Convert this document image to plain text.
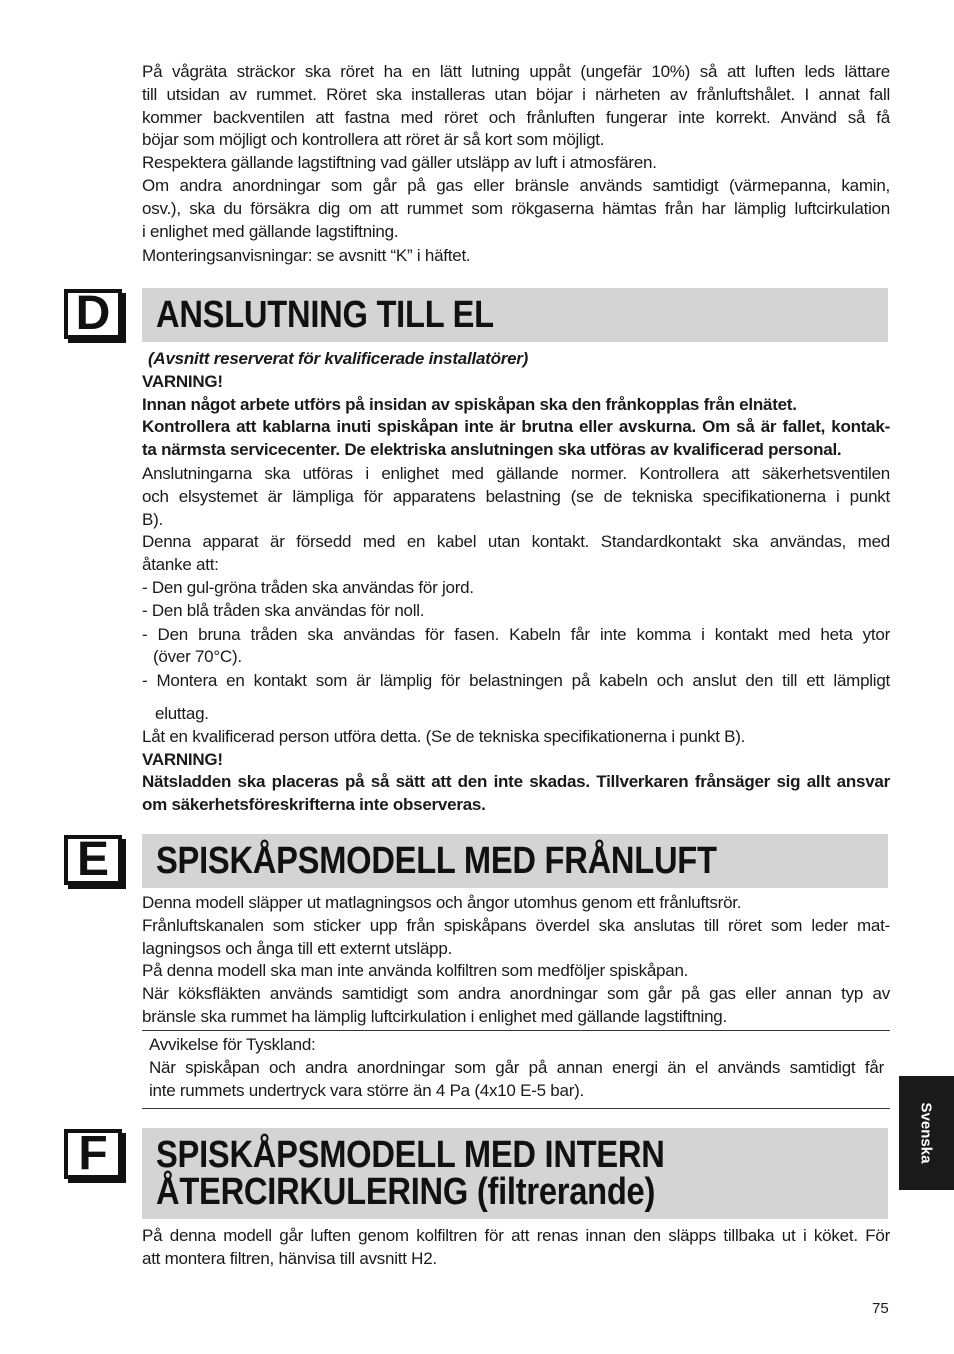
På vågräta sträckor ska röret ha en lätt lutning uppåt (ungefär 10%) så att luften leds lättare
till utsidan av rummet. Röret ska installeras utan böjar i närheten av frånluftshålet. I annat fall
kommer backventilen att fastna med röret och frånluften fungerar inte korrekt. Använd så få
böjar som möjligt och kontrollera att röret är så kort som möjligt.
Respektera gällande lagstiftning vad gäller utsläpp av luft i atmosfären.
Om andra anordningar som går på gas eller bränsle används samtidigt (värmepanna, kamin,
osv.), ska du försäkra dig om att rummet som rökgaserna hämtas från har lämplig luftcirkulation
i enlighet med gällande lagstiftning.
Monteringsanvisningar: se avsnitt “K” i häftet.
D	ANSLUTNING TILL EL
(Avsnitt reserverat för kvalificerade installatörer)
VARNING!
Innan något arbete utförs på insidan av spiskåpan ska den frånkopplas från elnätet.
Kontrollera att kablarna inuti spiskåpan inte är brutna eller avskurna. Om så är fallet, kontak-
ta närmsta servicecenter. De elektriska anslutningen ska utföras av kvalificerad personal.
Anslutningarna ska utföras i enlighet med gällande normer. Kontrollera att säkerhetsventilen
och elsystemet är lämpliga för apparatens belastning (se de tekniska specifikationerna i punkt
B).
Denna apparat är försedd med en kabel utan kontakt. Standardkontakt ska användas, med
åtanke att:
- Den gul-gröna tråden ska användas för jord.
- Den blå tråden ska användas för noll.
- Den bruna tråden ska användas för fasen. Kabeln får inte komma i kontakt med heta ytor
(över 70°C).
- Montera en kontakt som är lämplig för belastningen på kabeln och anslut den till ett lämpligt
eluttag.
Låt en kvalificerad person utföra detta. (Se de tekniska specifikationerna i punkt B).
VARNING!
Nätsladden ska placeras på så sätt att den inte skadas. Tillverkaren frånsäger sig allt ansvar
om säkerhetsföreskrifterna inte observeras.
E	SPISKÅPSMODELL MED FRÅNLUFT
Denna modell släpper ut matlagningsos och ångor utomhus genom ett frånluftsrör.
Frånluftskanalen som sticker upp från spiskåpans överdel ska anslutas till röret som leder mat-
lagningsos och ånga till ett externt utsläpp.
På denna modell ska man inte använda kolfiltren som medföljer spiskåpan.
När köksfläkten används samtidigt som andra anordningar som går på gas eller annan typ av
bränsle ska rummet ha lämplig luftcirkulation i enlighet med gällande lagstiftning.
Avvikelse för Tyskland:
När spiskåpan och andra anordningar som går på annan energi än el används samtidigt får
inte rummets undertryck vara större än 4 Pa (4x10 E-5 bar).
F	SPISKÅPSMODELL MED INTERN
ÅTERCIRKULERING (filtrerande)
På denna modell går luften genom kolfiltren för att renas innan den släpps tillbaka ut i köket. För
att montera filtren, hänvisa till avsnitt H2.
Svenska
75
